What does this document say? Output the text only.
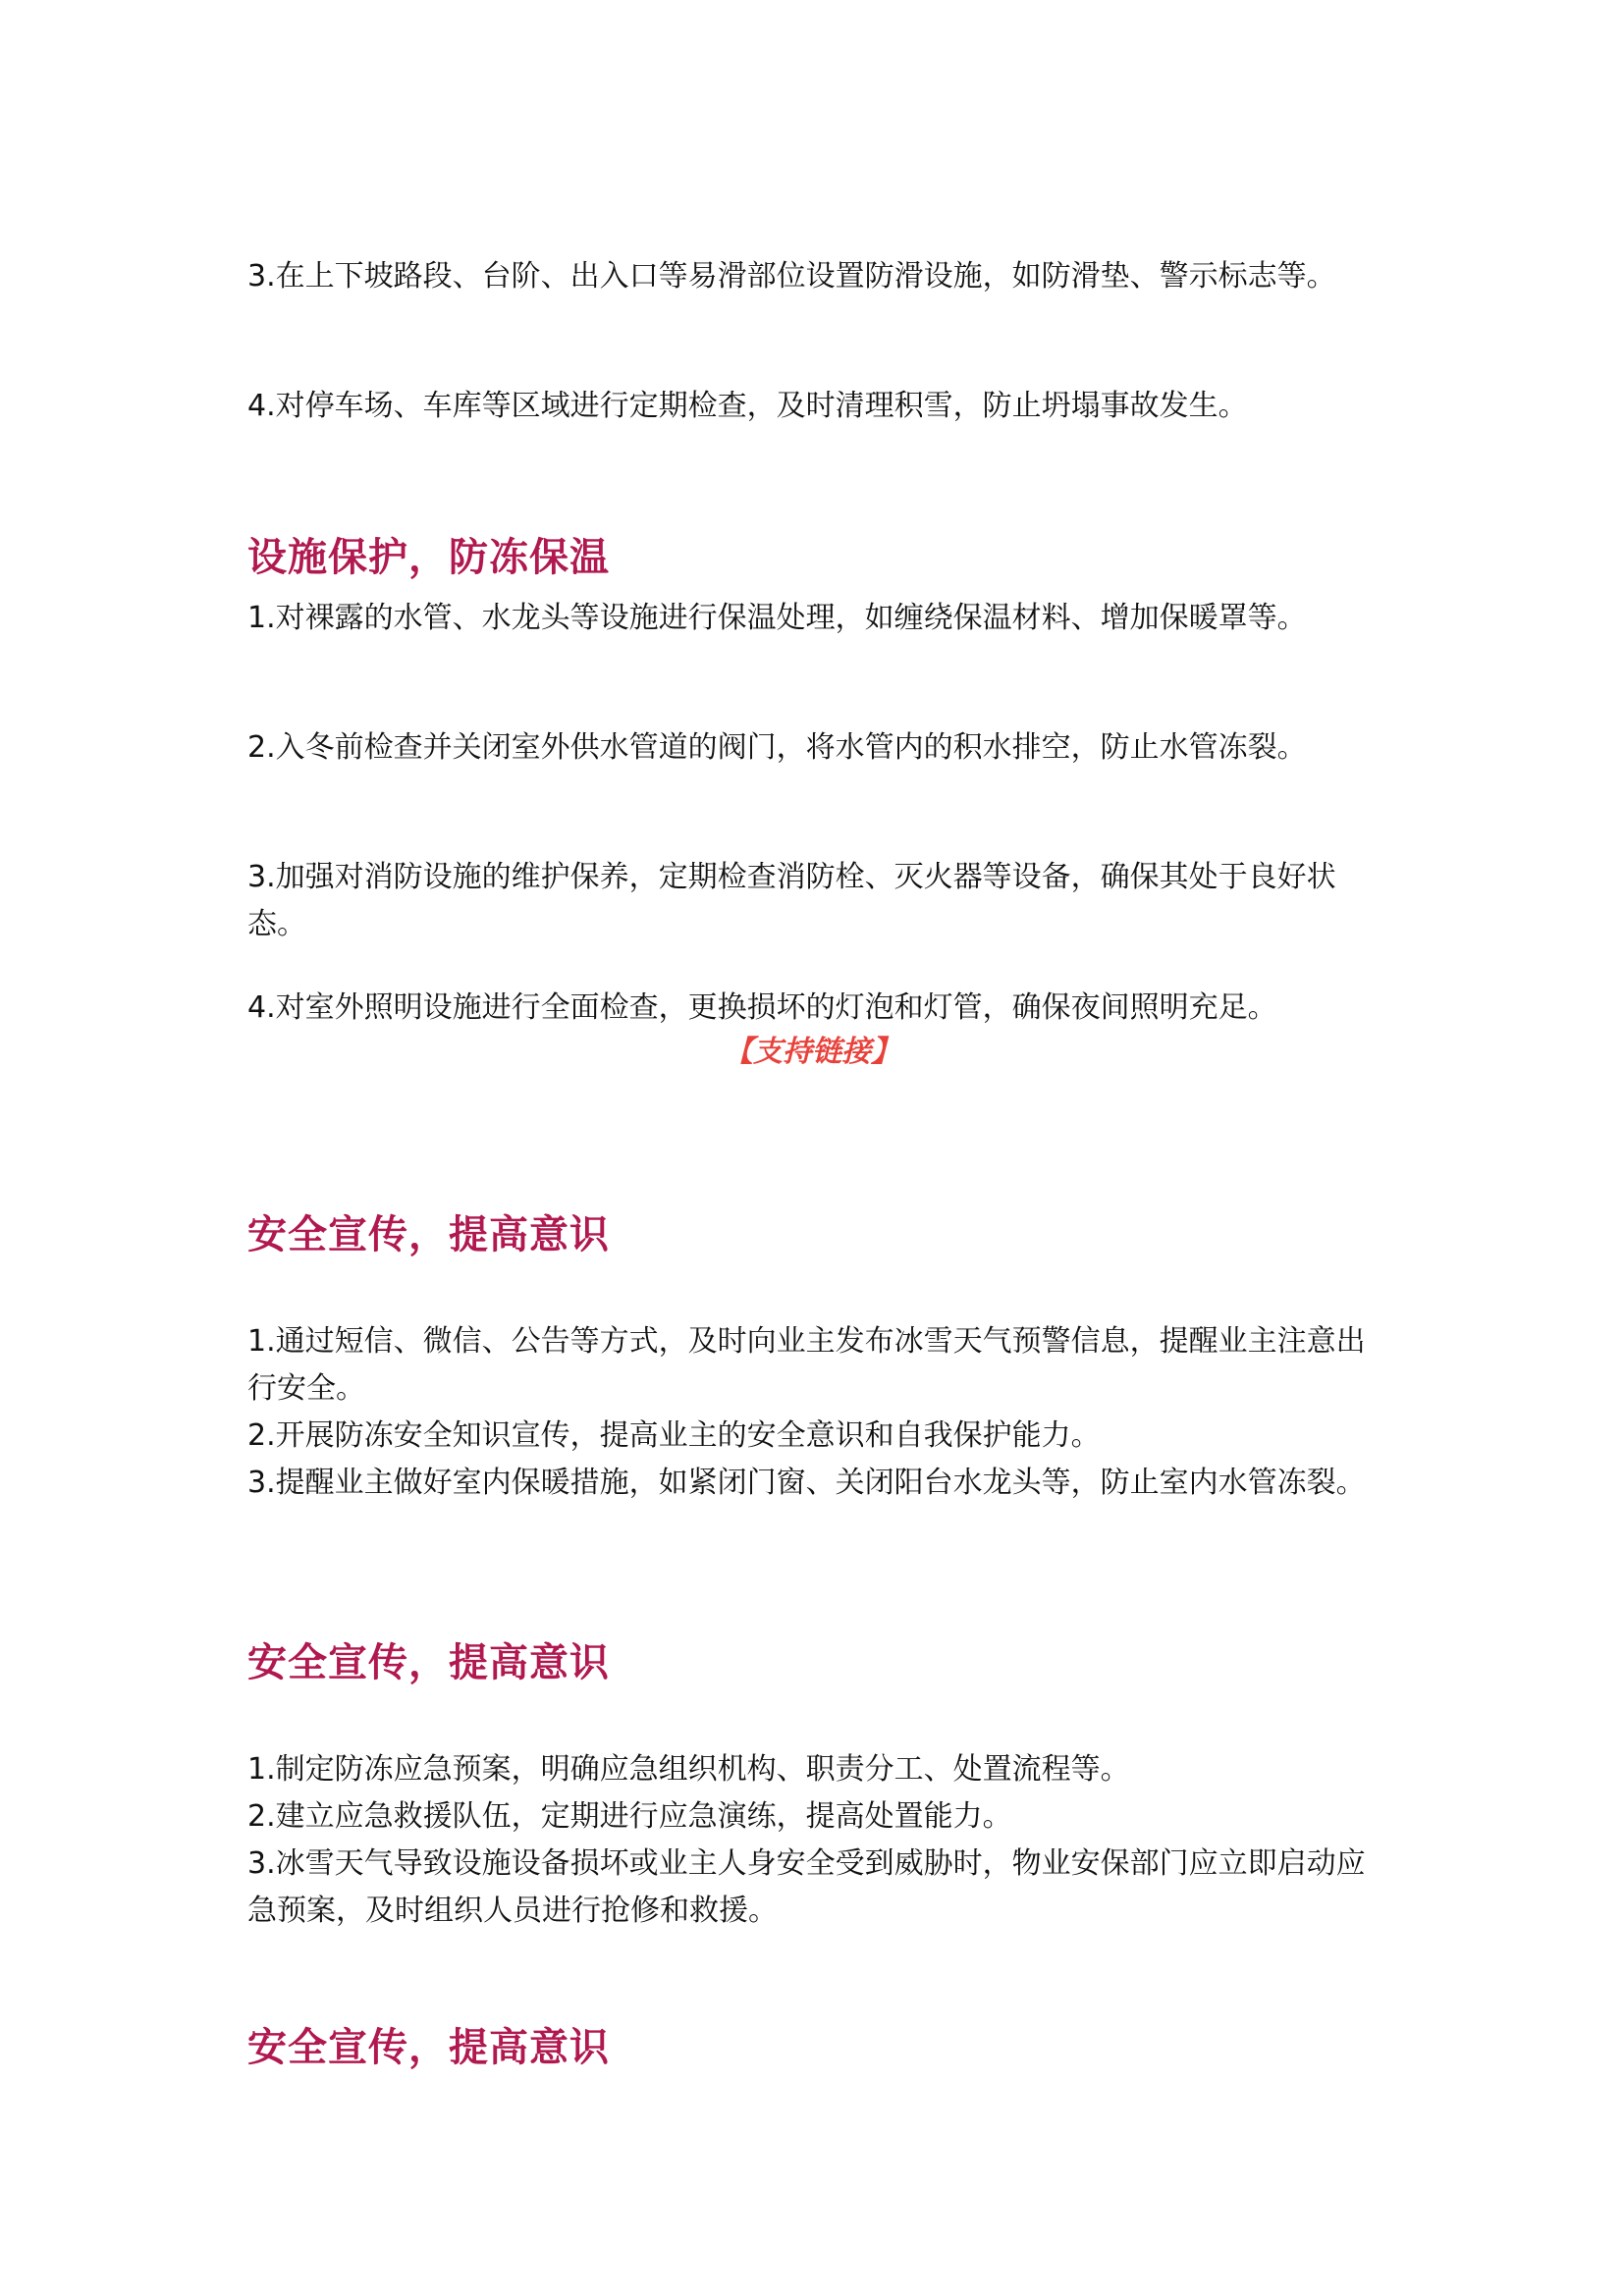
3.在上下坡路段、台阶、出入口等易滑部位设置防滑设施，如防滑垫、警示标志等。

4.对停车场、车库等区域进行定期检查，及时清理积雪，防止坍塌事故发生。

设施保护，防冻保温

1.对裸露的水管、水龙头等设施进行保温处理，如缠绕保温材料、增加保暖罩等。

2.入冬前检查并关闭室外供水管道的阀门，将水管内的积水排空，防止水管冻裂。

3.加强对消防设施的维护保养，定期检查消防栓、灭火器等设备，确保其处于良好状态。

4.对室外照明设施进行全面检查，更换损坏的灯泡和灯管，确保夜间照明充足。

【支持链接】
安全宣传，提高意识

1.通过短信、微信、公告等方式，及时向业主发布冰雪天气预警信息，提醒业主注意出行安全。

2.开展防冻安全知识宣传，提高业主的安全意识和自我保护能力。

3.提醒业主做好室内保暖措施，如紧闭门窗、关闭阳台水龙头等，防止室内水管冻裂。

安全宣传，提高意识

1.制定防冻应急预案，明确应急组织机构、职责分工、处置流程等。

2.建立应急救援队伍，定期进行应急演练，提高处置能力。

3.冰雪天气导致设施设备损坏或业主人身安全受到威胁时，物业安保部门应立即启动应急预案，及时组织人员进行抢修和救援。

安全宣传，提高意识
